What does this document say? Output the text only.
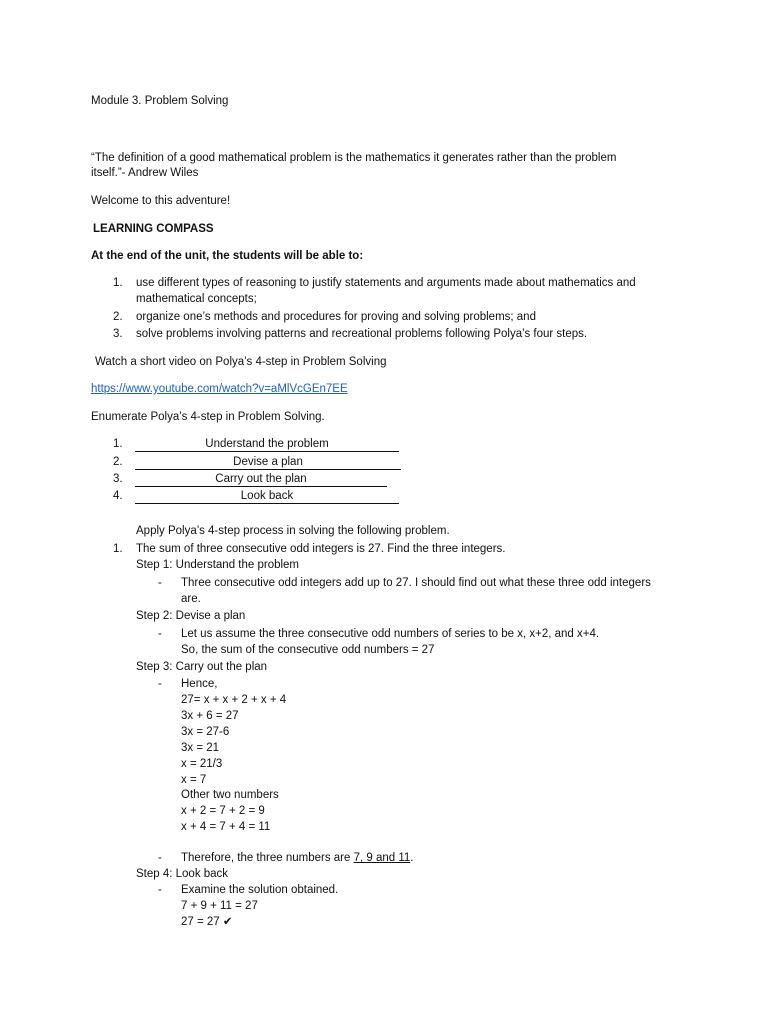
Module 3. Problem Solving
“The definition of a good mathematical problem is the mathematics it generates rather than the problem
itself.”- Andrew Wiles
Welcome to this adventure!
LEARNING COMPASS
At the end of the unit, the students will be able to:
1. use different types of reasoning to justify statements and arguments made about mathematics and
mathematical concepts;
2. organize one’s methods and procedures for proving and solving problems; and
3. solve problems involving patterns and recreational problems following Polya’s four steps.
Watch a short video on Polya’s 4-step in Problem Solving
https://www.youtube.com/watch?v=aMlVcGEn7EE
Enumerate Polya’s 4-step in Problem Solving.
1.	Understand the problem
2.	Devise a plan
3.	Carry out the plan
4.	Look back
Apply Polya’s 4-step process in solving the following problem.
1. The sum of three consecutive odd integers is 27. Find the three integers.
Step 1: Understand the problem
- Three consecutive odd integers add up to 27. I should find out what these three odd integers
are.
Step 2: Devise a plan
- Let us assume the three consecutive odd numbers of series to be x, x+2, and x+4.
So, the sum of the consecutive odd numbers = 27
Step 3: Carry out the plan
- Hence,
27= x + x + 2 + x + 4
3x + 6 = 27
3x = 27-6
3x = 21
x = 21/3
x = 7
Other two numbers
x + 2 = 7 + 2 = 9
x + 4 = 7 + 4 = 11
- Therefore, the three numbers are 7, 9 and 11.
Step 4: Look back
- Examine the solution obtained.
7 + 9 + 11 = 27
27 = 27 ✔
